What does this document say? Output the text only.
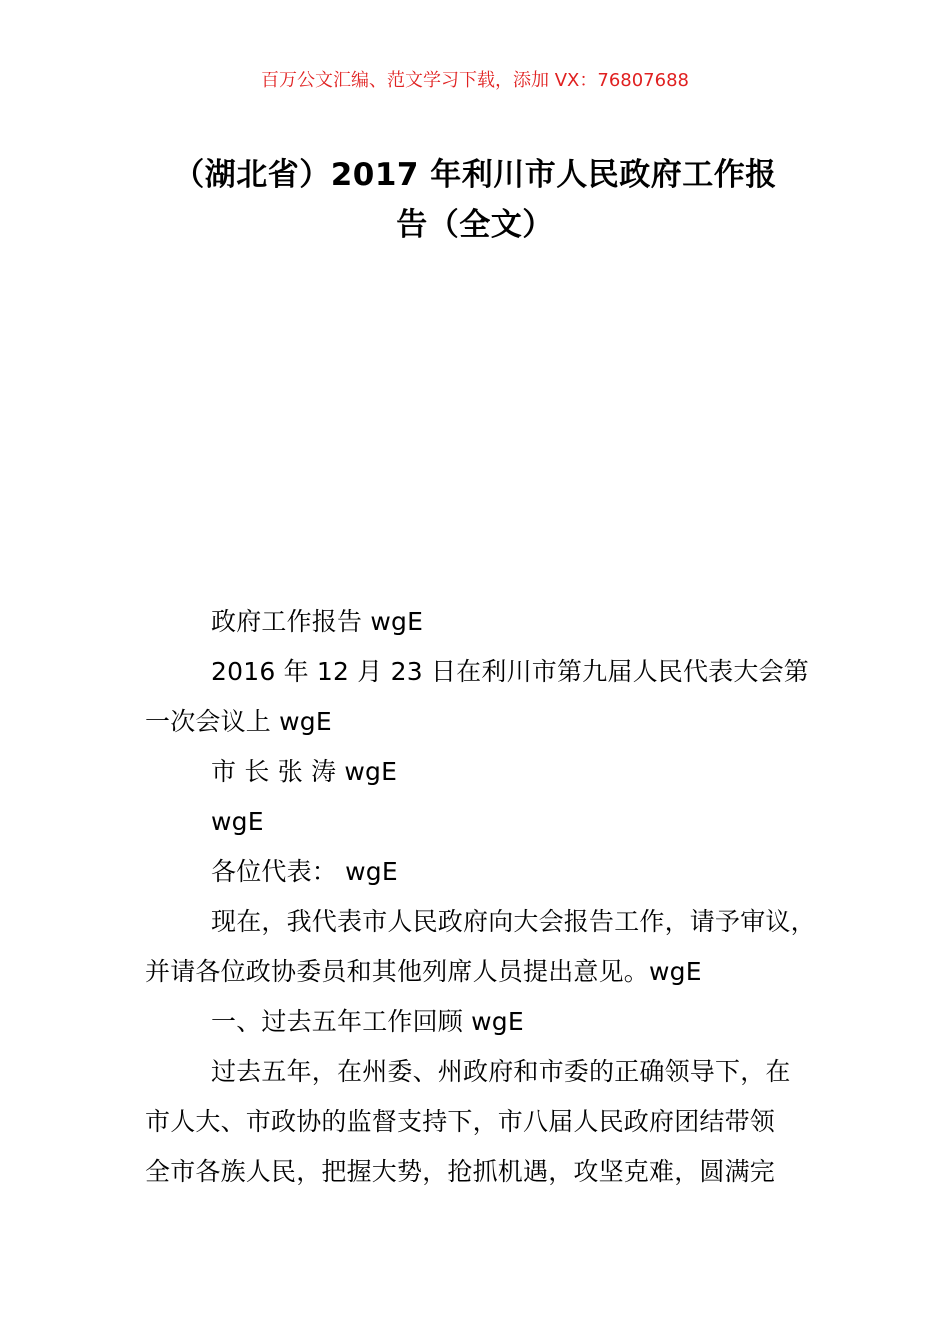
百万公文汇编、范文学习下载，添加 VX：76807688
（湖北省）2017 年利川市人民政府工作报
告（全文）

政府工作报告 wgE

2016 年 12 月 23 日在利川市第九届人民代表大会第
一次会议上 wgE

市 长 张 涛 wgE

wgE

各位代表： wgE

现在，我代表市人民政府向大会报告工作，请予审议，
并请各位政协委员和其他列席人员提出意见。wgE

一、过去五年工作回顾 wgE

过去五年，在州委、州政府和市委的正确领导下，在
市人大、市政协的监督支持下，市八届人民政府团结带领
全市各族人民，把握大势，抢抓机遇，攻坚克难，圆满完
